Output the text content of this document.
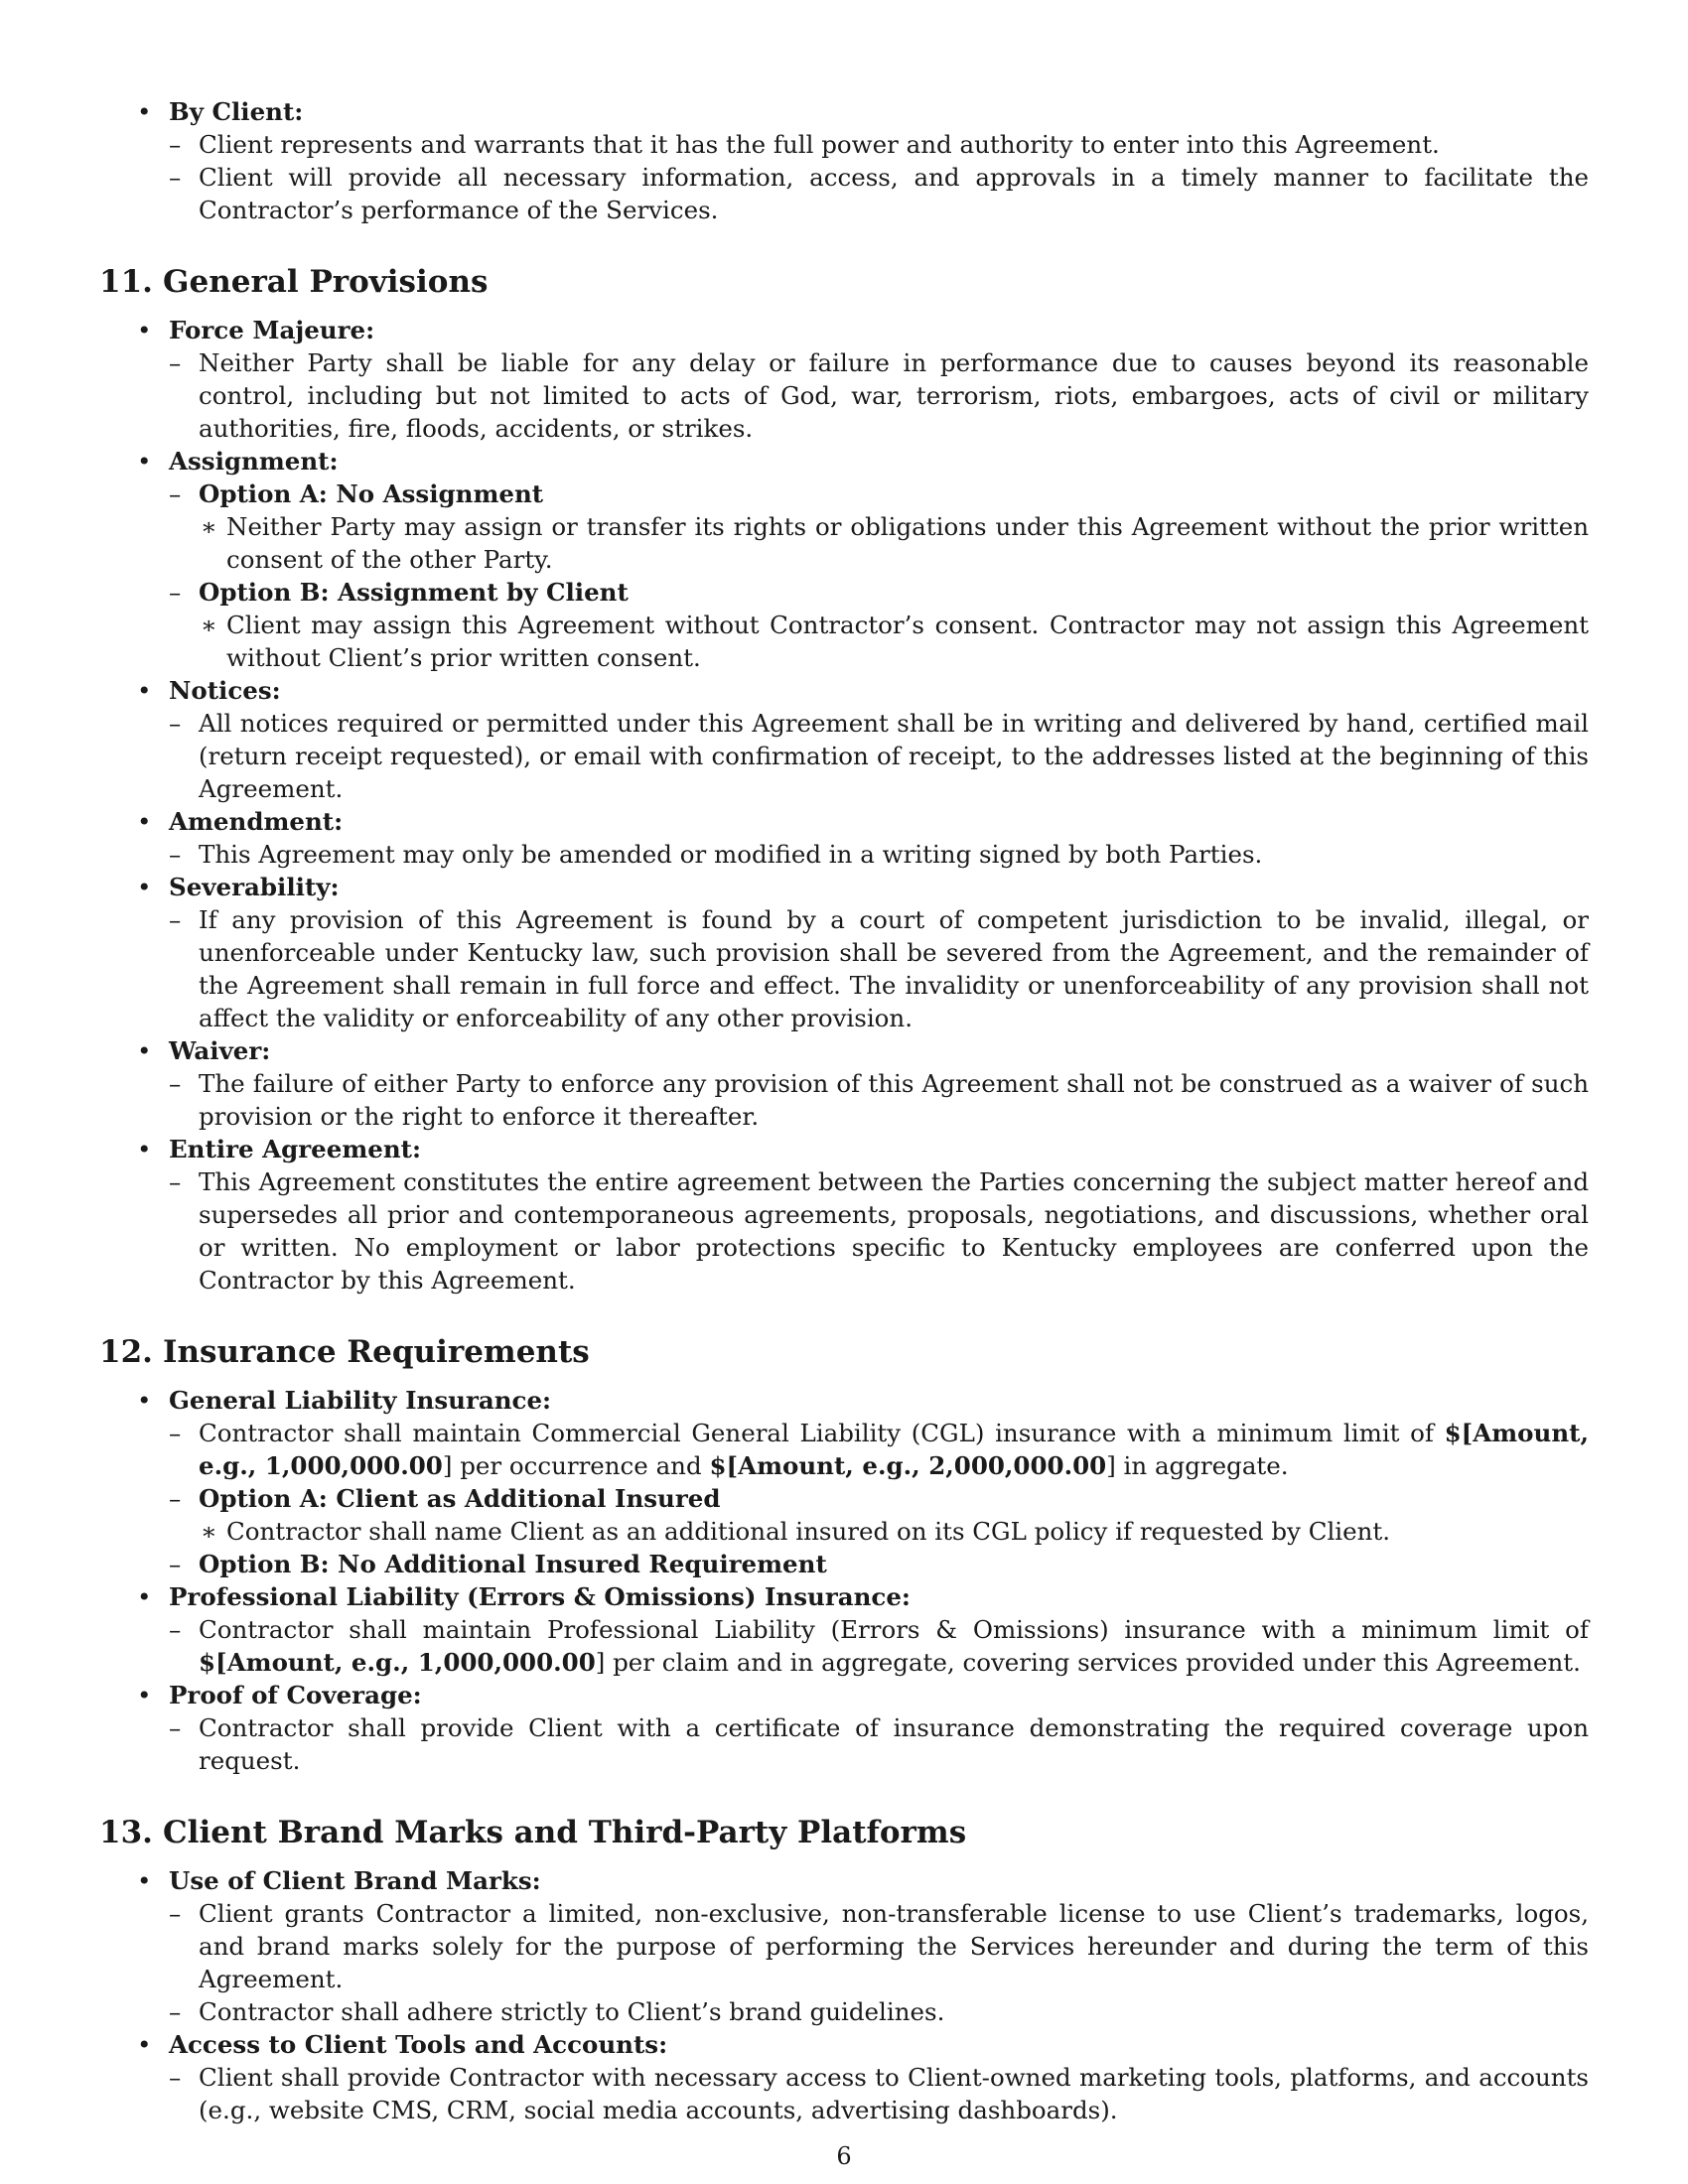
• By Client:

– Client represents and warrants that it has the full power and authority to enter into this Agreement.

– Client will provide all necessary information, access, and approvals in a timely manner to facilitate the Contractor’s performance of the Services.

11. General Provisions
• Force Majeure:

– Neither Party shall be liable for any delay or failure in performance due to causes beyond its reasonable control, including but not limited to acts of God, war, terrorism, riots, embargoes, acts of civil or military authorities, fire, floods, accidents, or strikes.

• Assignment:
– Option A: No Assignment

∗ Neither Party may assign or transfer its rights or obligations under this Agreement without the prior written consent of the other Party.

– Option B: Assignment by Client

∗ Client may assign this Agreement without Contractor’s consent. Contractor may not assign this Agreement without Client’s prior written consent.

• Notices:

– All notices required or permitted under this Agreement shall be in writing and delivered by hand, certified mail (return receipt requested), or email with confirmation of receipt, to the addresses listed at the beginning of this Agreement.

• Amendment:

– This Agreement may only be amended or modified in a writing signed by both Parties.

• Severability:

– If any provision of this Agreement is found by a court of competent jurisdiction to be invalid, illegal, or unenforceable under Kentucky law, such provision shall be severed from the Agreement, and the remainder of the Agreement shall remain in full force and effect. The invalidity or unenforceability of any provision shall not affect the validity or enforceability of any other provision.

• Waiver:

– The failure of either Party to enforce any provision of this Agreement shall not be construed as a waiver of such provision or the right to enforce it thereafter.

• Entire Agreement:

– This Agreement constitutes the entire agreement between the Parties concerning the subject matter hereof and supersedes all prior and contemporaneous agreements, proposals, negotiations, and discussions, whether oral or written. No employment or labor protections specific to Kentucky employees are conferred upon the Contractor by this Agreement.

12. Insurance Requirements
• General Liability Insurance:

– Contractor shall maintain Commercial General Liability (CGL) insurance with a minimum limit of $[Amount, e.g., 1,000,000.00] per occurrence and $[Amount, e.g., 2,000,000.00] in aggregate.

– Option A: Client as Additional Insured

∗ Contractor shall name Client as an additional insured on its CGL policy if requested by Client.

– Option B: No Additional Insured Requirement
• Professional Liability (Errors & Omissions) Insurance:

– Contractor shall maintain Professional Liability (Errors & Omissions) insurance with a minimum limit of $[Amount, e.g., 1,000,000.00] per claim and in aggregate, covering services provided under this Agreement.

• Proof of Coverage:

– Contractor shall provide Client with a certificate of insurance demonstrating the required coverage upon request.

13. Client Brand Marks and Third-Party Platforms
• Use of Client Brand Marks:

– Client grants Contractor a limited, non-exclusive, non-transferable license to use Client’s trademarks, logos, and brand marks solely for the purpose of performing the Services hereunder and during the term of this Agreement.

– Contractor shall adhere strictly to Client’s brand guidelines.

• Access to Client Tools and Accounts:

– Client shall provide Contractor with necessary access to Client-owned marketing tools, platforms, and accounts (e.g., website CMS, CRM, social media accounts, advertising dashboards).

6
